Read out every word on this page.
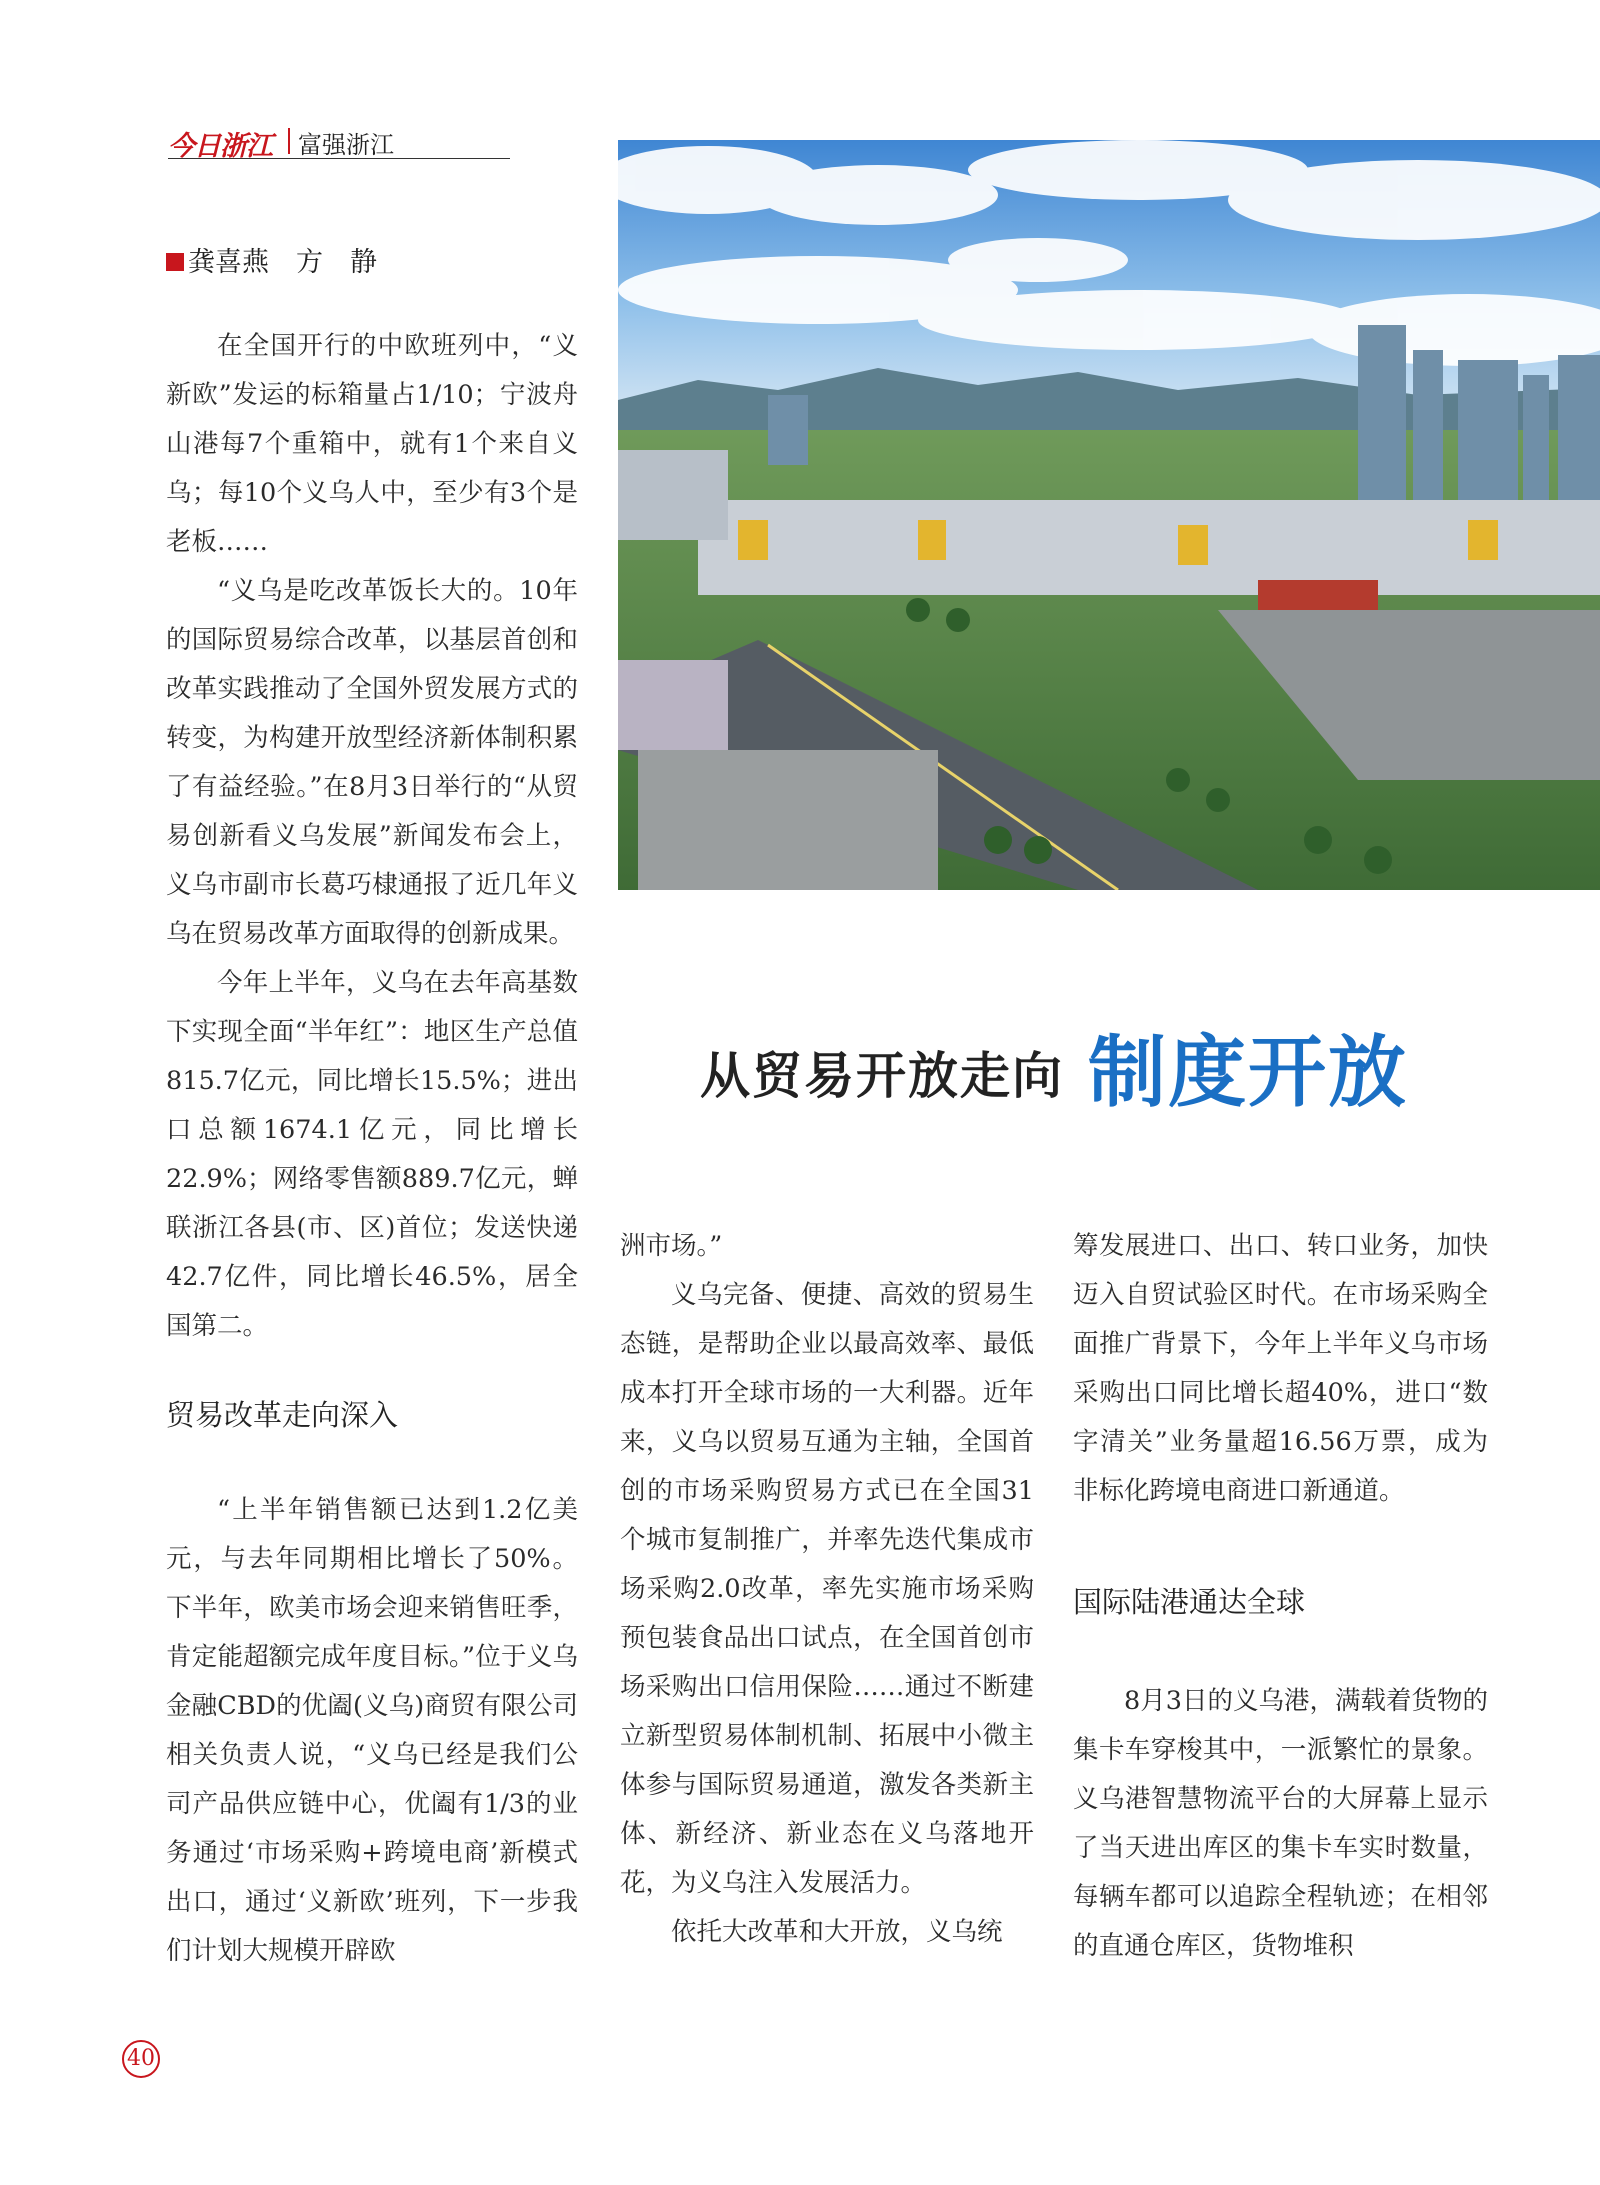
今日浙江 富强浙江
龚喜燕　方　静

在全国开行的中欧班列中，“义新欧”发运的标箱量占1/10；宁波舟山港每7个重箱中，就有1个来自义乌；每10个义乌人中，至少有3个是老板……

“义乌是吃改革饭长大的。10年的国际贸易综合改革，以基层首创和改革实践推动了全国外贸发展方式的转变，为构建开放型经济新体制积累了有益经验。”在8月3日举行的“从贸易创新看义乌发展”新闻发布会上，义乌市副市长葛巧棣通报了近几年义乌在贸易改革方面取得的创新成果。

今年上半年，义乌在去年高基数下实现全面“半年红”：地区生产总值815.7亿元，同比增长15.5%；进出口总额1674.1亿元，同比增长22.9%；网络零售额889.7亿元，蝉联浙江各县(市、区)首位；发送快递42.7亿件，同比增长46.5%，居全国第二。

贸易改革走向深入

“上半年销售额已达到1.2亿美元，与去年同期相比增长了50%。下半年，欧美市场会迎来销售旺季，肯定能超额完成年度目标。”位于义乌金融CBD的优阖(义乌)商贸有限公司相关负责人说，“义乌已经是我们公司产品供应链中心，优阖有1/3的业务通过‘市场采购+跨境电商’新模式出口，通过‘义新欧’班列，下一步我们计划大规模开辟欧

从贸易开放走向 制度开放

洲市场。”

义乌完备、便捷、高效的贸易生态链，是帮助企业以最高效率、最低成本打开全球市场的一大利器。近年来，义乌以贸易互通为主轴，全国首创的市场采购贸易方式已在全国31个城市复制推广，并率先迭代集成市场采购2.0改革，率先实施市场采购预包装食品出口试点，在全国首创市场采购出口信用保险……通过不断建立新型贸易体制机制、拓展中小微主体参与国际贸易通道，激发各类新主体、新经济、新业态在义乌落地开花，为义乌注入发展活力。

依托大改革和大开放，义乌统

筹发展进口、出口、转口业务，加快迈入自贸试验区时代。在市场采购全面推广背景下，今年上半年义乌市场采购出口同比增长超40%，进口“数字清关”业务量超16.56万票，成为非标化跨境电商进口新通道。

国际陆港通达全球

8月3日的义乌港，满载着货物的集卡车穿梭其中，一派繁忙的景象。义乌港智慧物流平台的大屏幕上显示了当天进出库区的集卡车实时数量，每辆车都可以追踪全程轨迹；在相邻的直通仓库区，货物堆积

40
